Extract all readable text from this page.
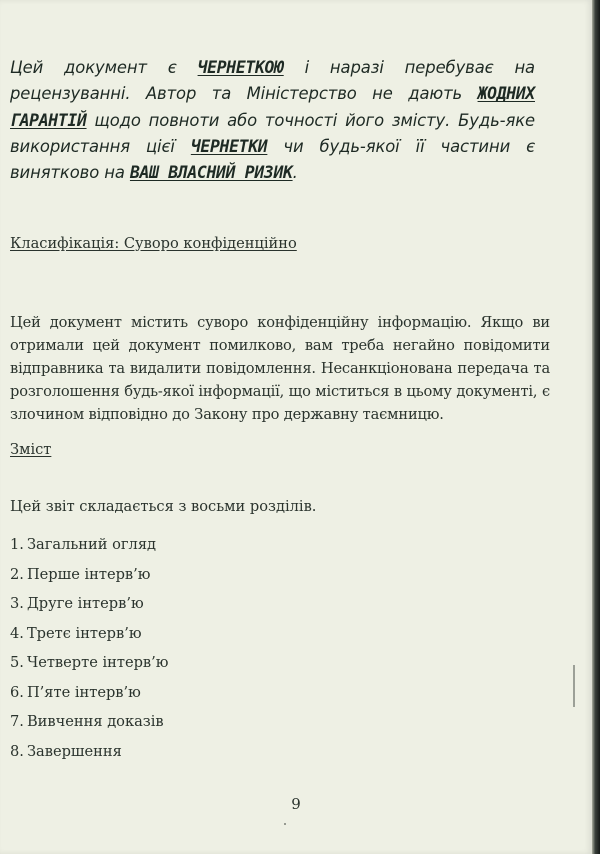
Цей документ є ЧЕРНЕТКОЮ і наразі перебуває на рецензуванні. Автор та Міністерство не дають ЖОДНИХ ГАРАНТІЙ щодо повноти або точності його змісту. Будь-яке використання цієї ЧЕРНЕТКИ чи будь-якої її частини є винятково на ВАШ ВЛАСНИЙ РИЗИК.

Класифікація: Суворо конфіденційно

Цей документ містить суворо конфіденційну інформацію. Якщо ви отримали цей документ помилково, вам треба негайно повідомити відправника та видалити повідомлення. Несанкціонована передача та розголошення будь-якої інформації, що міститься в цьому документі, є злочином відповідно до Закону про державну таємницю.

Зміст
Цей звіт складається з восьми розділів.
1. Загальний огляд
2. Перше інтерв’ю
3. Друге інтерв’ю
4. Третє інтерв’ю
5. Четверте інтерв’ю
6. П’яте інтерв’ю
7. Вивчення доказів
8. Завершення
9
